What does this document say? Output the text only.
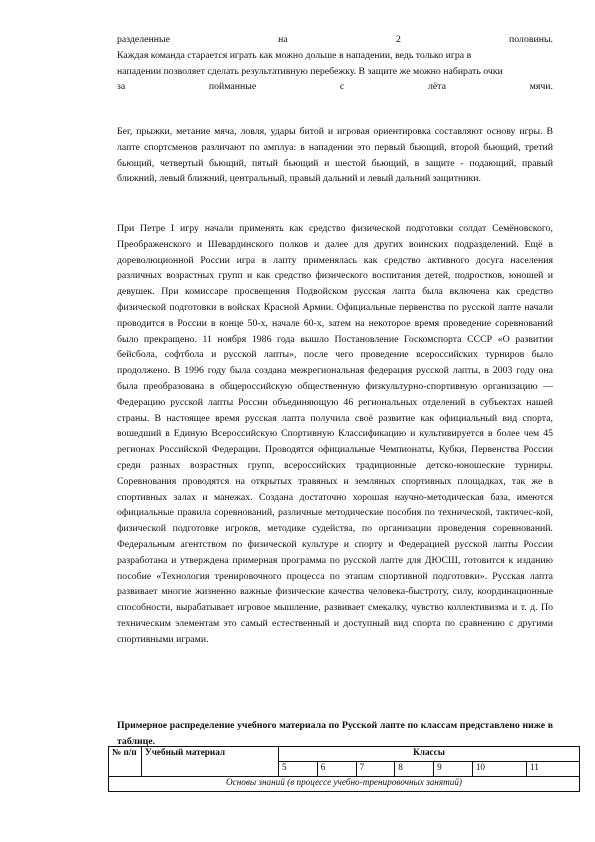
разделенные	на	2	половины.
Каждая команда старается играть как можно дольше в нападении, ведь только игра в
нападении позволяет сделать результативную перебежку. В защите же можно набирать очки
за	пойманные	с	лёта	мячи.

Бег, прыжки, метание мяча, ловля, удары битой и игровая ориентировка составляют основу игры. В лапте спортсменов различают по амплуа: в нападении это первый бьющий, второй бьющий, третий бьющий, четвертый бьющий, пятый бьющий и шестой бьющий, в защите - подающий, правый ближний, левый ближний, центральный, правый дальний и левый дальний защитники.

При Петре I игру начали применять как средство физической подготовки солдат Семёновского, Преображенского и Шевардинского полков и далее для других воинских подразделений. Ещё в дореволюционной России игра в лапту применялась как средство активного досуга населения различных возрастных групп и как средство физического воспитания детей, подростков, юношей и девушек. При комиссаре просвещения Подвойском русская лапта была включена как средство физической подготовки в войсках Красной Армии. Официальные первенства по русской лапте начали проводится в России в конце 50-х, начале 60-х, затем на некоторое время проведение соревнований было прекращено. 11 ноября 1986 года вышло Постановление Госкомспорта СССР «О развитии бейсбола, софтбола и русской лапты», после чего проведение всероссийских турниров было продолжено. В 1996 году была создана межрегиональная федерация русской лапты, в 2003 году она была преобразована в общероссийскую общественную физкультурно-спортивную организацию — Федерацию русской лапты России объединяющую 46 региональных отделений в субъектах нашей страны. В настоящее время русская лапта получила своё развитие как официальный вид спорта, вошедший в Единую Всероссийскую Спортивную Классификацию и культивируется в более чем 45 регионах Российской Федерации. Проводятся официальные Чемпионаты, Кубки, Первенства России среди разных возрастных групп, всероссийских традиционные детско-юношеские турниры. Соревнования проводятся на открытых травяных и земляных спортивных площадках, так же в спортивных залах и манежах. Создана достаточно хорошая научно-методическая база, имеются официальные правила соревнований, различные методические пособия по технической, тактичес-кой, физической подготовке игроков, методике судейства, по организации проведения соревнований. Федеральным агентством по физической культуре и спорту и Федерацией русской лапты России разработана и утверждена примерная программа по русской лапте для ДЮСШ, готовится к изданию пособие «Технология тренировочного процесса по этапам спортивной подготовки». Русская лапта развивает многие жизненно важные физические качества человека-быстроту, силу, координационные способности, вырабатывает игровое мышление, развивает смекалку, чувство коллективизма и т. д. По техническим элементам это самый естественный и доступный вид спорта по сравнению с другими спортивными играми.

Примерное распределение учебного материала по Русской лапте по классам представлено ниже в таблице.
№ п/п	Учебный материал	Классы						
		5	6	7	8	9	10	11
Основы знаний (в процессе учебно-тренировочных занятий)								
